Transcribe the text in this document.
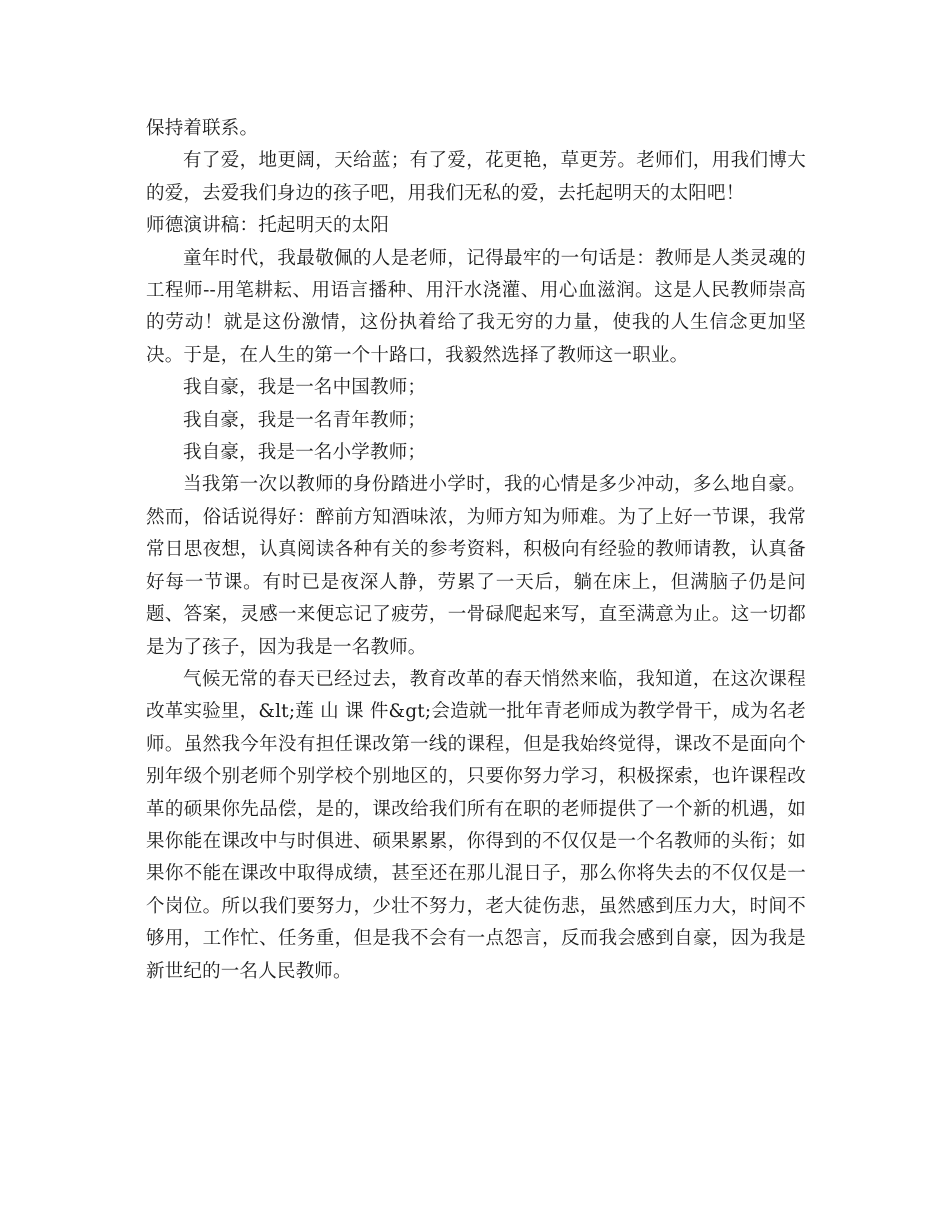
保持着联系。

有了爱，地更阔，天给蓝；有了爱，花更艳，草更芳。老师们，用我们博大的爱，去爱我们身边的孩子吧，用我们无私的爱，去托起明天的太阳吧！

师德演讲稿：托起明天的太阳

童年时代，我最敬佩的人是老师，记得最牢的一句话是：教师是人类灵魂的工程师--用笔耕耘、用语言播种、用汗水浇灌、用心血滋润。这是人民教师崇高的劳动！就是这份激情，这份执着给了我无穷的力量，使我的人生信念更加坚决。于是，在人生的第一个十路口，我毅然选择了教师这一职业。

我自豪，我是一名中国教师；

我自豪，我是一名青年教师；

我自豪，我是一名小学教师；

当我第一次以教师的身份踏进小学时，我的心情是多少冲动，多么地自豪。然而，俗话说得好：醉前方知酒味浓，为师方知为师难。为了上好一节课，我常常日思夜想，认真阅读各种有关的参考资料，积极向有经验的教师请教，认真备好每一节课。有时已是夜深人静，劳累了一天后，躺在床上，但满脑子仍是问题、答案，灵感一来便忘记了疲劳，一骨碌爬起来写，直至满意为止。这一切都是为了孩子，因为我是一名教师。

气候无常的春天已经过去，教育改革的春天悄然来临，我知道，在这次课程改革实验里，&lt;莲 山 课 件&gt;会造就一批年青老师成为教学骨干，成为名老师。虽然我今年没有担任课改第一线的课程，但是我始终觉得，课改不是面向个别年级个别老师个别学校个别地区的，只要你努力学习，积极探索，也许课程改革的硕果你先品偿，是的，课改给我们所有在职的老师提供了一个新的机遇，如果你能在课改中与时俱进、硕果累累，你得到的不仅仅是一个名教师的头衔；如果你不能在课改中取得成绩，甚至还在那儿混日子，那么你将失去的不仅仅是一个岗位。所以我们要努力，少壮不努力，老大徒伤悲，虽然感到压力大，时间不够用，工作忙、任务重，但是我不会有一点怨言，反而我会感到自豪，因为我是新世纪的一名人民教师。
